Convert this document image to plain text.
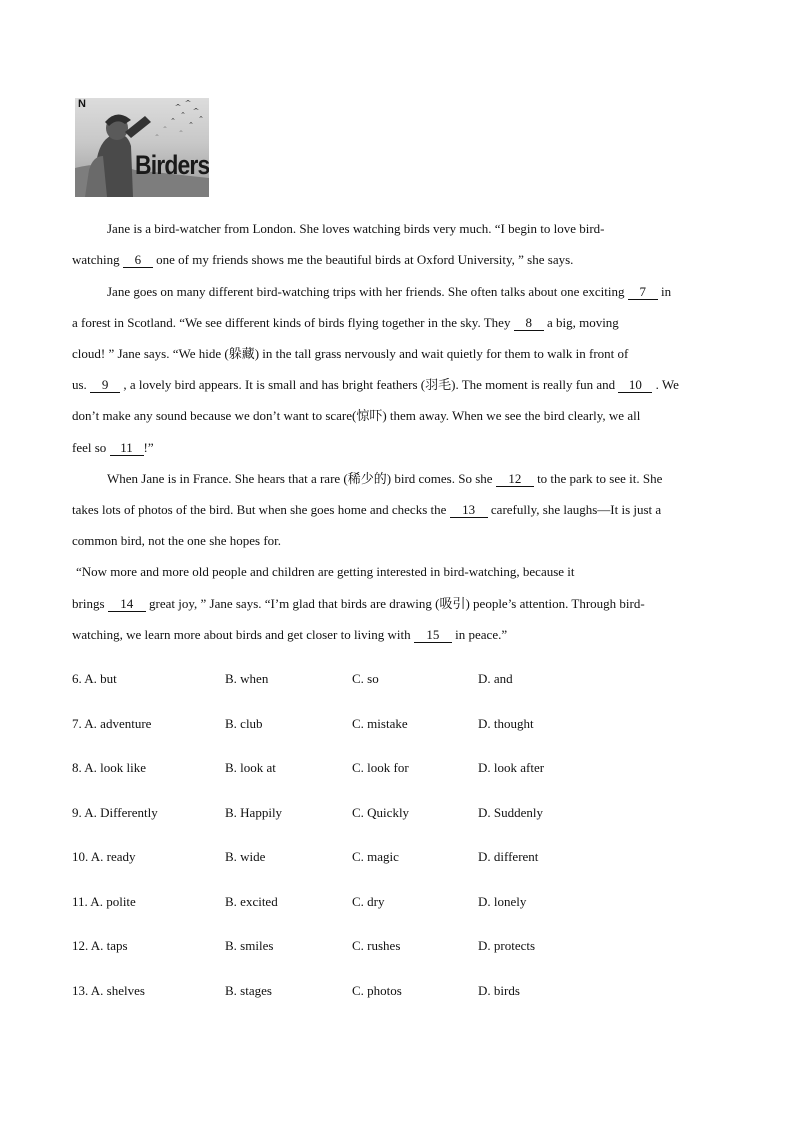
N
Birders
Jane is a bird-watcher from London. She loves watching birds very much. “I begin to love bird-
watching 6 one of my friends shows me the beautiful birds at Oxford University, ” she says.
Jane goes on many different bird-watching trips with her friends. She often talks about one exciting 7 in
a forest in Scotland. “We see different kinds of birds flying together in the sky. They 8 a big, moving
cloud! ” Jane says. “We hide (躲藏) in the tall grass nervously and wait quietly for them to walk in front of
us. 9 , a lovely bird appears. It is small and has bright feathers (羽毛). The moment is really fun and 10 . We
don’t make any sound because we don’t want to scare(惊吓) them away. When we see the bird clearly, we all
feel so 11 !”
When Jane is in France. She hears that a rare (稀少的) bird comes. So she 12 to the park to see it. She
takes lots of photos of the bird. But when she goes home and checks the 13 carefully, she laughs—It is just a
common bird, not the one she hopes for.
“Now more and more old people and children are getting interested in bird-watching, because it
brings 14 great joy, ” Jane says. “I’m glad that birds are drawing (吸引) people’s attention. Through bird-
watching, we learn more about birds and get closer to living with 15 in peace.”
6. A. but	B. when	C. so	D. and
7. A. adventure	B. club	C. mistake	D. thought
8. A. look like	B. look at	C. look for	D. look after
9. A. Differently	B. Happily	C. Quickly	D. Suddenly
10. A. ready	B. wide	C. magic	D. different
11. A. polite	B. excited	C. dry	D. lonely
12. A. taps	B. smiles	C. rushes	D. protects
13. A. shelves	B. stages	C. photos	D. birds
